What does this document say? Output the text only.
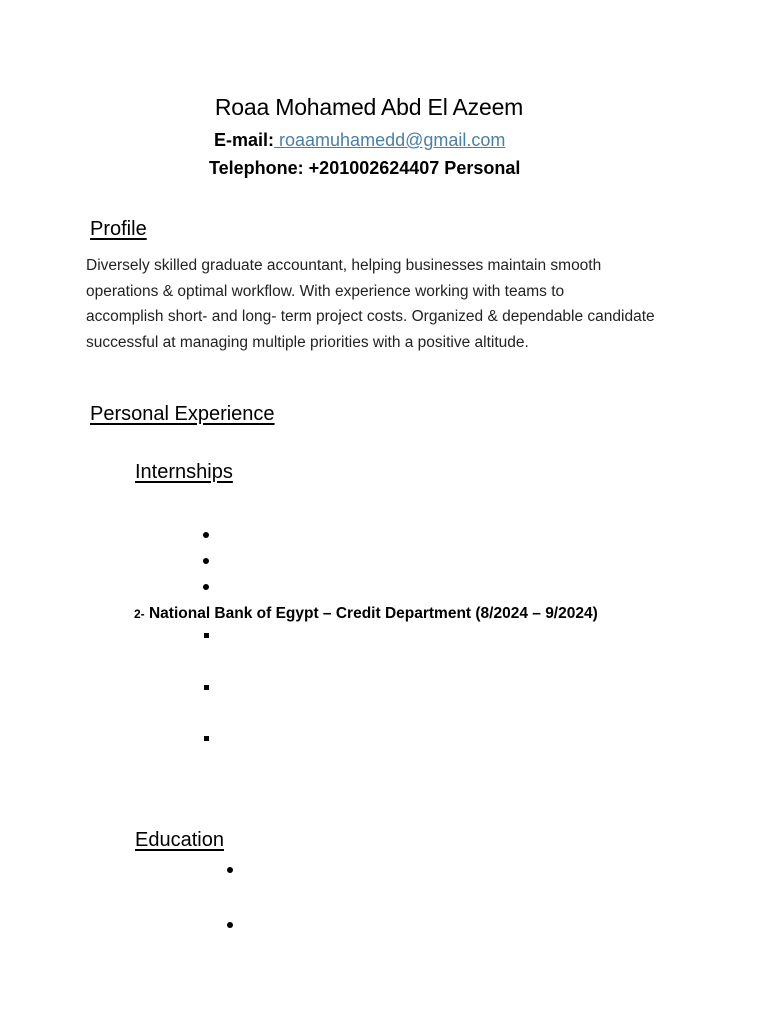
Roaa Mohamed Abd El Azeem
E-mail: roaamuhamedd@gmail.com
Telephone: +201002624407 Personal
Profile
Diversely skilled graduate accountant, helping businesses maintain smooth
operations & optimal workflow. With experience working with teams to
accomplish short- and long- term project costs. Organized & dependable candidate
successful at managing multiple priorities with a positive altitude.
Personal Experience
Internships
2- National Bank of Egypt – Credit Department (8/2024 – 9/2024)
Education
